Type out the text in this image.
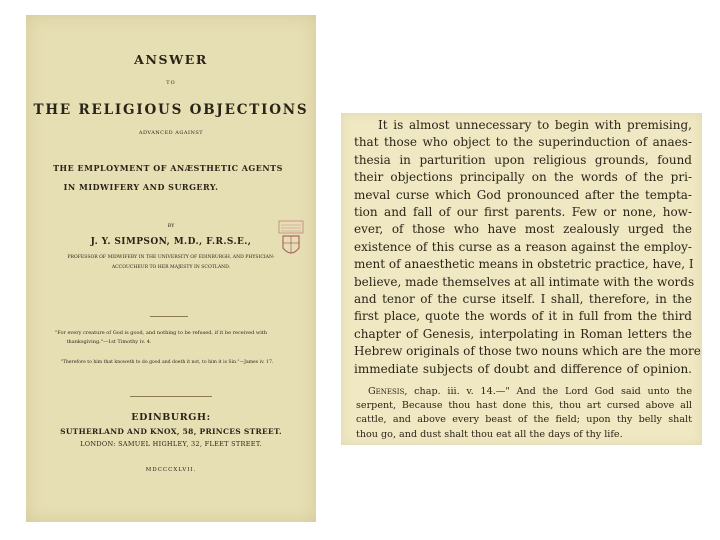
ANSWER
TO
THE RELIGIOUS OBJECTIONS
ADVANCED AGAINST
THE EMPLOYMENT OF ANÆSTHETIC AGENTS
IN MIDWIFERY AND SURGERY.
BY
J. Y. SIMPSON, M.D., F.R.S.E.,
PROFESSOR OF MIDWIFERY IN THE UNIVERSITY OF EDINBURGH, AND PHYSICIAN-
ACCOUCHEUR TO HER MAJESTY IN SCOTLAND.
"For every creature of God is good, and nothing to be refused, if it be received with
thanksgiving."—1st Timothy iv. 4.
"Therefore to him that knoweth to do good and doeth it not, to him it is Sin."—James iv. 17.
EDINBURGH:
SUTHERLAND AND KNOX, 58, PRINCES STREET.
LONDON: SAMUEL HIGHLEY, 32, FLEET STREET.
MDCCCXLVII.
It is almost unnecessary to begin with premising,
that those who object to the superinduction of anaes-
thesia in parturition upon religious grounds, found
their objections principally on the words of the pri-
meval curse which God pronounced after the tempta-
tion and fall of our first parents. Few or none, how-
ever, of those who have most zealously urged the
existence of this curse as a reason against the employ-
ment of anaesthetic means in obstetric practice, have, I
believe, made themselves at all intimate with the words
and tenor of the curse itself. I shall, therefore, in the
first place, quote the words of it in full from the third
chapter of Genesis, interpolating in Roman letters the
Hebrew originals of those two nouns which are the more
immediate subjects of doubt and difference of opinion.
Genesis, chap. iii. v. 14.—" And the Lord God said unto the
serpent, Because thou hast done this, thou art cursed above all
cattle, and above every beast of the field; upon thy belly shalt
thou go, and dust shalt thou eat all the days of thy life.
